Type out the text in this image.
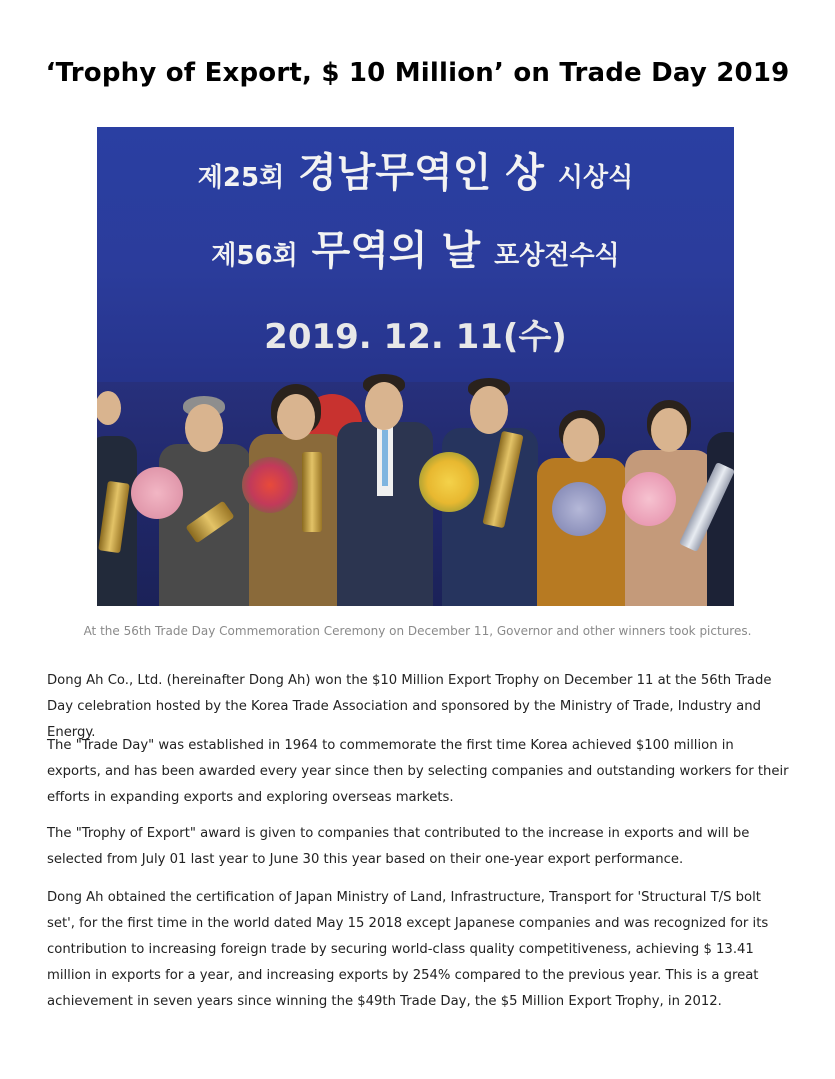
‘Trophy of Export, $ 10 Million’ on Trade Day 2019
제25회 경남무역인 상 시상식
제56회 무역의 날 포상전수식
2019. 12. 11(수)
At the 56th Trade Day Commemoration Ceremony on December 11, Governor and other winners took pictures.

Dong Ah Co., Ltd. (hereinafter Dong Ah) won the $10 Million Export Trophy on December 11 at the 56th Trade Day celebration hosted by the Korea Trade Association and sponsored by the Ministry of Trade, Industry and Energy.

The "Trade Day" was established in 1964 to commemorate the first time Korea achieved $100 million in exports, and has been awarded every year since then by selecting companies and outstanding workers for their efforts in expanding exports and exploring overseas markets.

The "Trophy of Export" award is given to companies that contributed to the increase in exports and will be selected from July 01 last year to June 30 this year based on their one-year export performance.

Dong Ah obtained the certification of Japan Ministry of Land, Infrastructure, Transport for 'Structural T/S bolt set', for the first time in the world dated May 15 2018 except Japanese companies and was recognized for its contribution to increasing foreign trade by securing world-class quality competitiveness, achieving $ 13.41 million in exports for a year, and increasing exports by 254% compared to the previous year. This is a great achievement in seven years since winning the $49th Trade Day, the $5 Million Export Trophy, in 2012.
